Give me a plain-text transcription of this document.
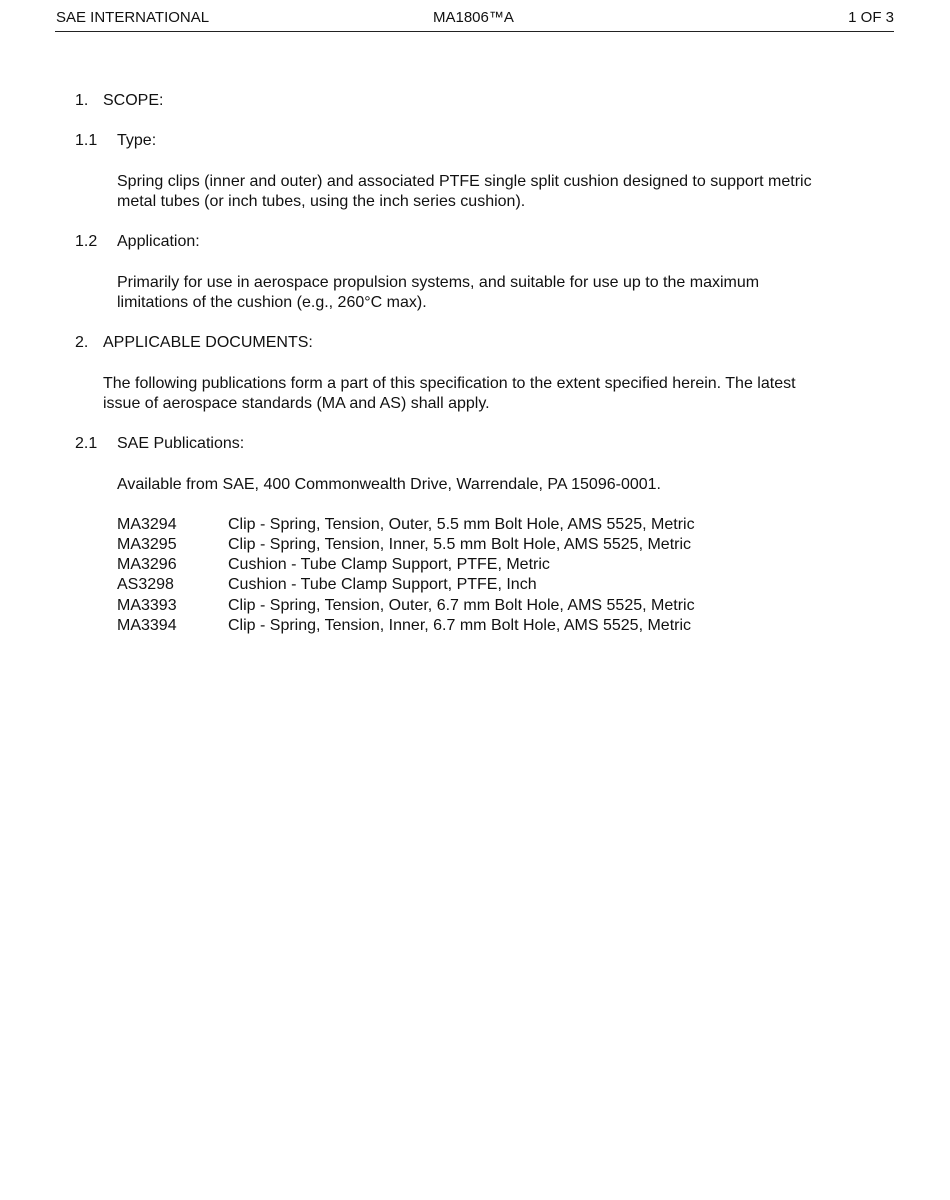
SAE INTERNATIONAL	MA1806™A	1 OF 3
1. SCOPE:
1.1 Type:
Spring clips (inner and outer) and associated PTFE single split cushion designed to support metric
metal tubes (or inch tubes, using the inch series cushion).
1.2 Application:
Primarily for use in aerospace propulsion systems, and suitable for use up to the maximum
limitations of the cushion (e.g., 260°C max).
2. APPLICABLE DOCUMENTS:
The following publications form a part of this specification to the extent specified herein. The latest
issue of aerospace standards (MA and AS) shall apply.
2.1 SAE Publications:
Available from SAE, 400 Commonwealth Drive, Warrendale, PA 15096-0001.
MA3294	Clip - Spring, Tension, Outer, 5.5 mm Bolt Hole, AMS 5525, Metric
MA3295	Clip - Spring, Tension, Inner, 5.5 mm Bolt Hole, AMS 5525, Metric
MA3296	Cushion - Tube Clamp Support, PTFE, Metric
AS3298	Cushion - Tube Clamp Support, PTFE, Inch
MA3393	Clip - Spring, Tension, Outer, 6.7 mm Bolt Hole, AMS 5525, Metric
MA3394	Clip - Spring, Tension, Inner, 6.7 mm Bolt Hole, AMS 5525, Metric
